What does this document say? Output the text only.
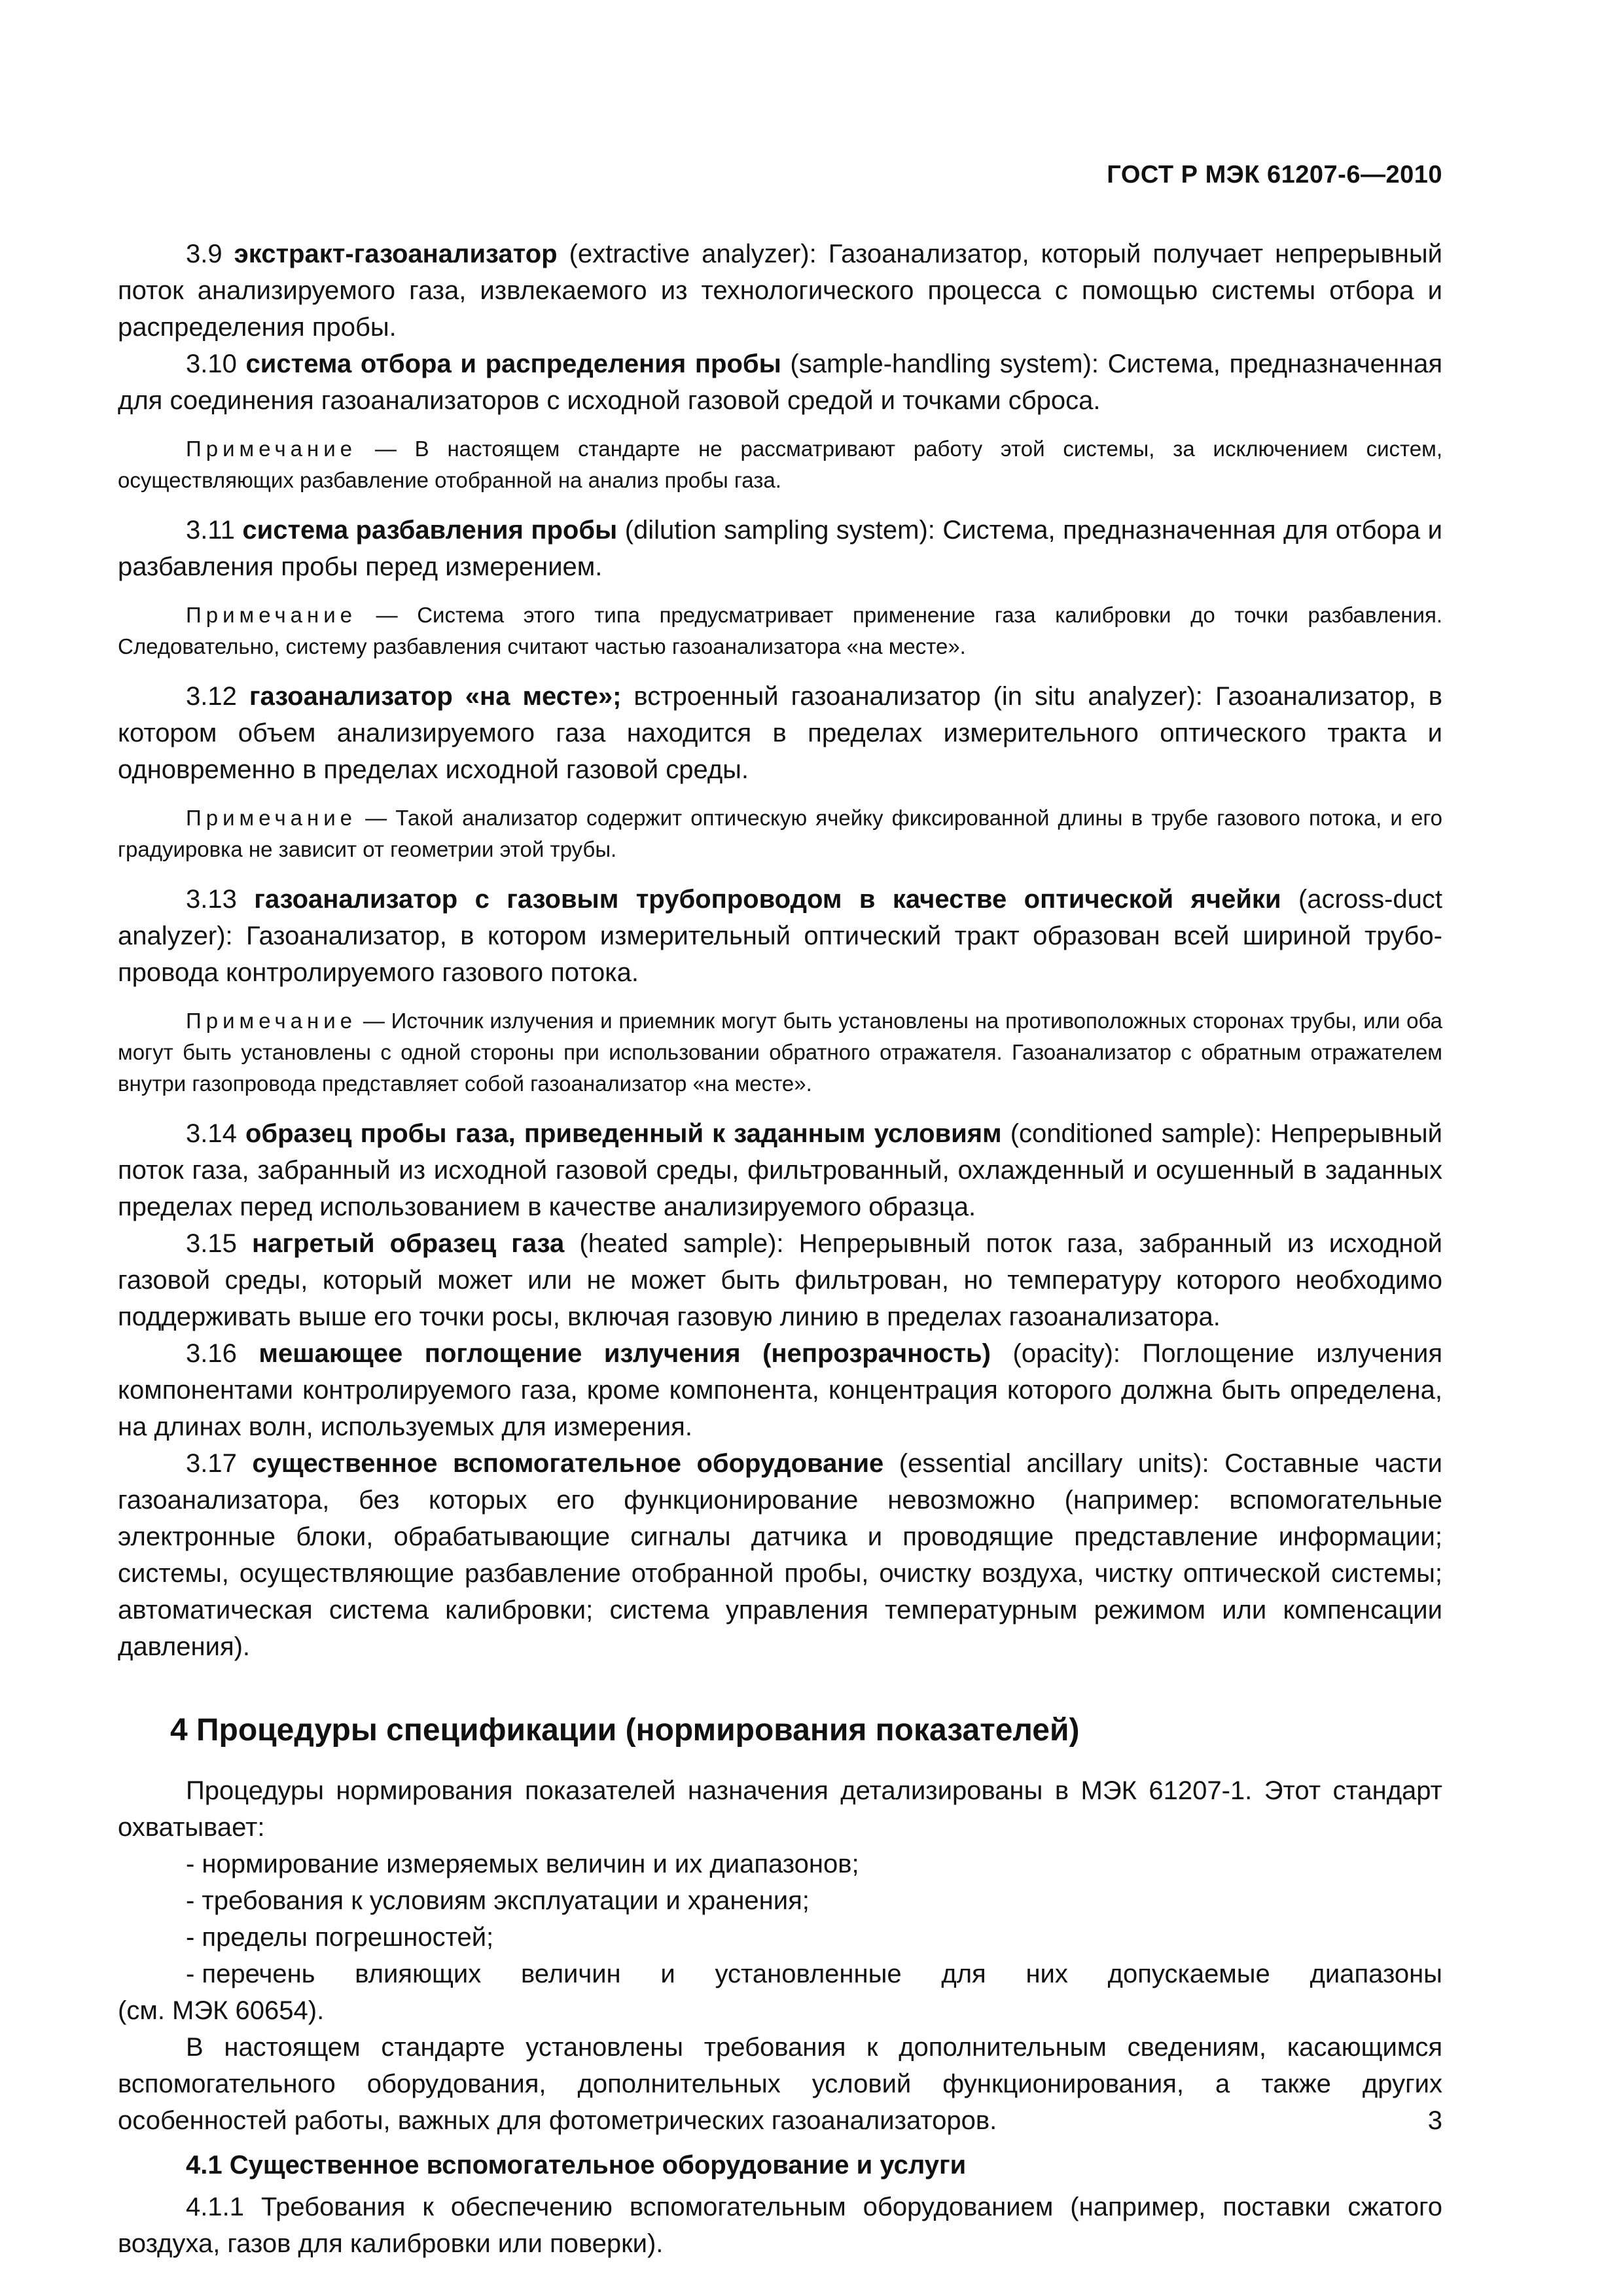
ГОСТ Р МЭК 61207-6—2010

3.9 экстракт-газоанализатор (extractive analyzer): Газоанализатор, который получает непрерывный поток анализируемого газа, извлекаемого из технологического процесса с помощью системы отбора и распределения пробы.

3.10 система отбора и распределения пробы (sample-handling system): Система, предназначенная для соединения газоанализаторов с исходной газовой средой и точками сброса.

Примечание — В настоящем стандарте не рассматривают работу этой системы, за исключением систем, осуществляющих разбавление отобранной на анализ пробы газа.

3.11 система разбавления пробы (dilution sampling system): Система, предназначенная для отбора и разбавления пробы перед измерением.

Примечание — Система этого типа предусматривает применение газа калибровки до точки разбавления. Следовательно, систему разбавления считают частью газоанализатора «на месте».

3.12 газоанализатор «на месте»; встроенный газоанализатор (in situ analyzer): Газоанализатор, в котором объем анализируемого газа находится в пределах измерительного оптического тракта и одновременно в пределах исходной газовой среды.

Примечание — Такой анализатор содержит оптическую ячейку фиксированной длины в трубе газового потока, и его градуировка не зависит от геометрии этой трубы.

3.13 газоанализатор с газовым трубопроводом в качестве оптической ячейки (across-duct analyzer): Газоанализатор, в котором измерительный оптический тракт образован всей шириной трубо-провода контролируемого газового потока.

Примечание — Источник излучения и приемник могут быть установлены на противоположных сторонах трубы, или оба могут быть установлены с одной стороны при использовании обратного отражателя. Газоанализатор с обратным отражателем внутри газопровода представляет собой газоанализатор «на месте».

3.14 образец пробы газа, приведенный к заданным условиям (conditioned sample): Непрерывный поток газа, забранный из исходной газовой среды, фильтрованный, охлажденный и осушенный в заданных пределах перед использованием в качестве анализируемого образца.

3.15 нагретый образец газа (heated sample): Непрерывный поток газа, забранный из исходной газовой среды, который может или не может быть фильтрован, но температуру которого необходимо поддерживать выше его точки росы, включая газовую линию в пределах газоанализатора.

3.16 мешающее поглощение излучения (непрозрачность) (opacity): Поглощение излучения компонентами контролируемого газа, кроме компонента, концентрация которого должна быть определена, на длинах волн, используемых для измерения.

3.17 существенное вспомогательное оборудование (essential ancillary units): Составные части газоанализатора, без которых его функционирование невозможно (например: вспомогательные электронные блоки, обрабатывающие сигналы датчика и проводящие представление информации; системы, осуществляющие разбавление отобранной пробы, очистку воздуха, чистку оптической системы; автоматическая система калибровки; система управления температурным режимом или компенсации давления).

4 Процедуры спецификации (нормирования показателей)

Процедуры нормирования показателей назначения детализированы в МЭК 61207-1. Этот стандарт охватывает:

- нормирование измеряемых величин и их диапазонов;

- требования к условиям эксплуатации и хранения;

- пределы погрешностей;

- перечень влияющих величин и установленные для них допускаемые диапазоны

(см. МЭК 60654).

В настоящем стандарте установлены требования к дополнительным сведениям, касающимся вспомогательного оборудования, дополнительных условий функционирования, а также других особенностей работы, важных для фотометрических газоанализаторов.

4.1 Существенное вспомогательное оборудование и услуги

4.1.1 Требования к обеспечению вспомогательным оборудованием (например, поставки сжатого воздуха, газов для калибровки или поверки).

3
